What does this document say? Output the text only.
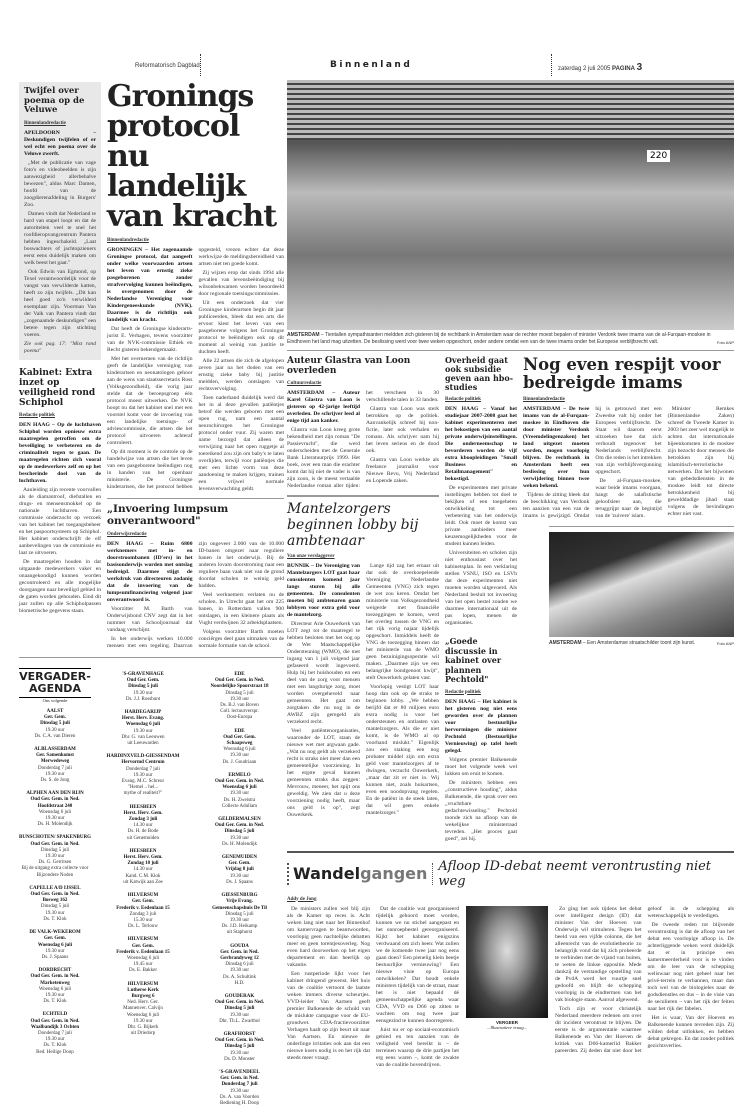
Reformatorisch Dagblad	Binnenland	zaterdag 2 juli 2005 PAGINA 3
Twijfel over poema op de Veluwe
Binnenlandredactie

APELDOORN – Deskundigen twijfelen of er wel echt een poema over de Veluwe zwerft.

„Met de publicatie van vage foto's en videobeelden is zijn aanwezigheid allerbehalve bewezen", aldus Marc Damen, hoofd van de zoogdierenafdeling in Burgers' Zoo.

Damen vindt dat Nederland te hard van stapel loopt en dat de autoriteiten veel te snel het roofdieropvangcentrum Pantera hebben ingeschakeld. „Laat boswachters of jachtopzieners eerst eens duidelijk maken om welk beest het gaat."

Ook Edwin van Egmond, op Texel verantwoordelijk voor de vangst van verwilderde katten, heeft zo zijn twijfels. „Dit kan heel goed zo'n verwilderd exemplaar zijn. Voorman Van der Valk van Pantera vindt dat „zogenaamde deskundigen" een betere tegen zijn stichting voeren.

Zie ook pag. 17: "Mist rond poema"
Kabinet: Extra inzet op veiligheid rond Schiphol
Redactie politiek

DEN HAAG – Op de luchthaven Schiphol worden opnieuw extra maatregelen getroffen om de beveiliging te verbeteren en de criminaliteit tegen te gaan. De maatregelen richten zich vooral op de medewerkers zelf en op het bescherinde doel van de luchthaven.

Aanleiding zijn recente voorvallen als de diamantroof, diefstallen en drugs- en mensensmokkel op de nationale luchthaven. Een commissie onderzocht op verzoek van het kabinet het toegangsbeheer en het paspoortsysteem op Schiphol. Het kabinet onderschrijft de elf aanbevelingen van de commissie en laat ze uitvoeren.

De maatregelen houden in dat uitgaande medewerkers vaker en onaangekondigd kunnen worden gecontroleerd en alle mogelijke doorgangen naar beveiligd gebied in de gaten worden gehouden. Eind dit jaar zullen op alle Schipholpassen biometrische gegevens staan.

Gronings protocol nu landelijk van kracht
Binnenlandredactie

GRONINGEN – Het zogenaamde Groningse protocol, dat aangeeft onder welke voorwaarden artsen het leven van ernstig zieke pasgeborenen zonder strafvervolging kunnen beëindigen, is overgenomen door de Nederlandse Vereniging voor Kindergeneeskunde (NVK). Daarmee is de richtlijn ook landelijk van kracht.

Dat heeft de Groningse kinderarts-jurist E. Verhagen, tevens voorzitter van de NVK-commissie Ethiek en Recht gisteren bekendgemaakt.

Met het overnemen van de richtlijn geeft de landelijke vereniging van kinderartsen en neonatologen gehoor aan de wens van staatssecretaris Ross (Volksgezondheid), die vorig jaar stelde dat de beroepsgroep één protocol moest uitwerken. De NVK hoopt nu dat het kabinet snel met een voorstel komt voor de invoering van een landelijke toetsings- of adviescommissie, die artsen die het protocol uitvoeren achteraf controleert.

Op dit moment is de controle op de handelwijze van artsen die het leven van een pasgeborene beëindigen nog in handen van het openbaar ministerie. De Groningse kinderartsen, die het protocol hebben opgesteld, vrezen echter dat deze werkwijze de meldingsbereidheid van artsen niet ten goede komt.

Zij wijzen erop dat sinds 1994 alle gevallen van levensbeëindiging bij wilsonbekwamen worden beoordeeld door regionale toetsingscommissies.

Uit een onderzoek dat vier Groningse kinderartsen begin dit jaar publiceerden, bleek dat een arts die ervoor kiest het leven van een pasgeborene volgens het Groningse protocol te beëindigen ook op dit moment al weinig van justitie te duchten heeft.

Alle 22 artsen die zich de afgelopen zeven jaar na het doden van een ernstig zieke baby bij justitie meldden, werden ontslagen van rechtsvervolging.

Toen naderhand duidelijk werd dat het in al deze gevallen patiëntjes betrof die werden geboren met een open rug, nam een aantal neurochirurgen het Groningse protocol onder vuur. Zij waren met name bezorgd dat alleen de verwijzing naar het open ruggetje al toereikend zou zijn om baby's te laten overlijden, terwijl voor patiëntjes die met een lichte vorm van deze aandoening te maken krijgen, trainen een vrijwel normale levensverwachting geldt.

„Invoering lumpsum onverantwoord"
Onderwijsredactie

DEN HAAG – Ruim 6800 werknemers met in- en doorstroombanen (ID'ers) in het basisonderwijs worden met ontslag bedreigd. Daarmee stijgt de werkdruk van directeuren zodanig dat de invoering van de lumpsumfinanciering volgend jaar onverantwoord is.

Voorzitter M. Barth van Onderwijsbond CNV zegt dat in het nummer van Schooljournaal dat vandaag verschijnt.

In het onderwijs werken 10.000 mensen met een regeling. Daarvan zijn ongeveer 2.000 van de 10.000 ID-banen omgezet naar reguliere banen in het onderwijs. Bij de anderen lovam doorstroming naar een reguliere baan vaak niet van de grond doordat scholen te weinig geld hadden.

Veel werknemers verlaten nu de scholen. In Utrecht gaat het om 225 banen, in Rotterdam vallen 900 ontslagen, in een kleinere plaats als Vught verdwijnen 32 arbeidsplaatsen.

Volgens voorzitter Barth moeten conciërges deel gaan uitmaken van de normale formatie van de school.

VERGADER-AGENDA
Ons volgende
AALST
Ger. Gem.
Dinsdag 5 juli
19.30 uur
Ds. C.A. van Dieren
ALBLASSERDAM
Ger. Samenkomst
Merwedeweg
Donderdag 7 juli
19.30 uur
Ds. S. de Jong
ALPHEN AAN DEN RIJN
Oud Ger. Gem. in Ned.
Hoofdstraat 240
Woensdag 6 juli
19.30 uur
Ds. H. Molendijk
BUNSCHOTEN/ SPAKENBURG
Oud Ger. Gem. in Ned.
Dinsdag 5 juli
19.30 uur
Ds. G. Gerritsen
Bij de uitgang extra collecte voor
Bijzondere Noden
CAPELLE A/D IJSSEL
Oud Ger. Gem. in Ned.
Bosweg 162
Dinsdag 5 juli
19.30 uur
Ds. T. Klok
DE VALK-WEKEROM
Ger. Gem.
Woensdag 6 juli
19.30 uur
Ds. J. Spaans
DORDRECHT
Oud Ger. Gem. in Ned.
Marketenweg
Woensdag 6 juli
19.30 uur
Ds. T. Klok
ECHTELD
Oud Ger. Gem. in Ned.
Waalbandijk 3 Ochten
Donderdag 7 juli
19.30 uur
Ds. T. Klok
Bed. Heilige Doop
'S-GRAVENHAGE
Oud Ger. Gem.
Dinsdag 5 juli
19.30 uur
Ds. J.J. Rossbunt
HARDEGARIJP
Herst. Herv. Evang.
Woensdag 6 juli
19.30 uur
Dhr. G. van Leeuwen
uit Leeuwarden
HARDINXVELD-GIESSENDAM
Hervormd Centrum
Donderdag 7 juli
19.30 uur
Evang. M.C. Schreur
"Hemel .. hel...
mythe of realiteit?"
HEESBEEN
Herst. Herv. Gem.
Zondag 3 juli
14.30 uur
Ds. H. de Bode
uit Genemuiden
HEESBEEN
Herst. Herv. Gem.
Zondag 10 juli
14.30 uur
Kand. C.M. Klok
uit Katwijk aan Zee
HILVERSUM
Ger. Gem.
Frederik v. Eedenlaan 15
Zondag 3 juli
15.30 uur
Ds. L. Terlouw
HILVERSUM
Ger. Gem.
Frederik v. Eedenlaan 15
Woensdag 6 juli
19.45 uur
Ds. E. Bakker
HILVERSUM
Lutherse Kerk
Burgweg 6
Ned. Herv. Ger.
Mannenver. Calvijn
Woensdag 6 juli
19.30 uur
Dhr. G. Bijkerk
uit Driedorp
EDE
Oud Ger. Gem. in Ned.
Noordelijke Spoorstraat 18
Dinsdag 5 juli
19.30 uur
Ds. B.J. van Boven
Coll. lectuurverspr.
Oost-Europa
EDE
Oud Ger. Gem.
Schaapsweg
Woensdag 6 juli
19.30 uur
Ds. J. Goudriaan
ERMELO
Oud Ger. Gem. in Ned.
Woensdag 6 juli
19.30 uur
Ds. H. Zweistra
Collecte Adullam
GELDERMALSEN
Oud Ger. Gem. in Ned.
Dinsdag 5 juli
19.30 uur
Ds. H. Molendijk
GENEMUIDEN
Ger. Gem.
Vrijdag 8 juli
19.30 uur
Ds. J. Spaans
GIESSENBURG
Vrije Evang.
Gemeenschapshuis De Til
Dinsdag 5 juli
19.30 uur
Ds. J.D. Heikamp
uit Staphorst
GOUDA
Ger. Gem. in Ned.
Gerbrandyweg 12
Dinsdag 6 juli
19.30 uur
Ds. A. Schultink
H.D.
GOUDERAK
Oud Ger. Gem. in Ned.
Dinsdag 5 juli
19.30 uur
Dhr. Th.L. Zwartbol
GRAFHORST
Oud Ger. Gem. in Ned.
Dinsdag 5 juli
19.30 uur
Ds. D. Monster
'S-GRAVENDEEL
Ger. Gem. in Ned.
Donderdag 7 juli
19.30 uur
Ds. A. van Voorden
Bediening H. Doop
220
AMSTERDAM – Tientallen sympathisanten meldden zich gisteren bij de rechtbank in Amsterdam waar de rechter moest bepalen of minister Verdonk twee imams van de al-Furqaan-moskee in Eindhoven het land mag uitzetten. De beslissing werd voor twee weken opgeschort, onder andere omdat een van de twee imams onder het Europese verblijfsrecht valt.	Foto ANP
Auteur Glastra van Loon overleden
Cultuurredactie

AMSTERDAM – Auteur Karel Glastra van Loon is gisteren op 42-jarige leeftijd overleden. De schrijver leed al enige tijd aan kanker.

Glastra van Loon kreeg grote bekendheid met zijn roman "De Passievrucht", die werd onderscheiden met de Generale Bank Literatuurprijs 1999. Het boek, over een man die erachter komt dat hij niet de vader is van zijn zoon, is de meest vertaalde Nederlandse roman aller tijden: het verscheen in 30 verschillende talen in 33 landen.

Glastra van Loon was sterk betrokken op de politiek. Aanvankelijk schreef hij non-fictie, later ook verhalen en romans. Als schrijver nam hij het leven serieus en de dood ook.

Glastra van Loon werkte als freelance journalist voor Nieuwe Revu, Vrij Nederland en Lopende zaken.

Mantelzorgers beginnen lobby bij ambtenaar
Van onze verslaggever

BUNNIK – De Vereniging van Mantelzorgers LOT gaat haar consulenten komend jaar langs sturen bij alle gemeenten. De consulenten moeten bij ambtenaren gaan lobbyen voor extra geld voor de mantelzorg.

Directeur Arie Ouwerkerk van LOT zegt tot de maatregel te hebben besloten met het oog op de Wet Maatschappelijke Ondersteuning (WMO), die met ingang van 1 juli volgend jaar gefaseerd wordt ingevoerd. Hulp bij het huishouden en een deel van de zorg voor mensen met een langdurige zorg, moet worden overgeheveld naar gemeenten. Het gaat om zorgtaken die nu nog in de AWBZ zijn geregeld als verzekerd recht.

Veel patiëntenorganisaties, waaronder de LOT, staan de nieuwe wet met argwaan gade. „Wat nu nog geldt als verzekerd recht is straks niet meer dan een gemeentelijke voorziening. In het ergste geval kunnen gemeenten straks dus zeggen: Mevrouw, meneer, het spijt ons geweldig. We zien dat u deze voorziening nodig heeft, maar ons geld is op", zegt Ouwerkerk.

Lange tijd zag het ernaar uit dat ook de overkoepelende Vereniging Nederlandse Gemeenten (VNG) zich tegen de wet zou keren. Omdat het ministerie van Volksgezondheid weigerde met financiële toezeggingen te komen, werd het overleg tussen de VNG en het rijk vorig najaar tijdelijk opgeschort. Inmiddels heeft de VNG de toezegging binnen dat het ministerie van de WMO geen bezuinigingsoperatie wil maken. „Daarmee zijn we een belangrijke bondgenoot kwijt", stelt Ouwerkerk gelaten vast.

Voorlopig vestigt LOT haar hoop dan ook op de straks te beginnen lobby. „We hebben berijfd dat er 80 miljoen euro extra nodig is voor het ondersteunen en ontlasten van mantelzorgers. Als die er niet komt, is de WMO al op voorhand mislukt." Eigenlijk zou een staking een nog probater middel zijn om extra geld voor mantelzorgers af te dwingen, verzucht Ouwerkerk, „maar dat zit er niet in. Wij kunnen niet, zoals huisartsen, even een noodopvang regelen. En de patiënt in de steek laten, dat wil geen enkele mantelzorger."

Overheid gaat ook subsidie geven aan hbo-studies
Redactie politiek

DEN HAAG – Vanaf het studiejaar 2007-2008 gaat het kabinet experimenteren met het bekostigen van een aantal private onderwijsinstellingen. Die onderneemschap te bevorderen worden de vijf extra kboopleidingen "Small Business en Retailmanagement" bekostigd.

De experimenten met private instellingen hebben tot doel te bekijken of een toegeheten ontwikkeling tot een verbetering van het onderwijs leidt. Ook moet de komst van private aanbieders meer keuzemogelijkheden voor de student kunnen leiden.

Universiteiten en scholen zijn niet enthousiast over het kabinetsplan. In een verklaring stellen VSNU, ISO en LSVb dat deze experimenten niet moeten worden uitgevoerd. Als Nederland besluit tot invoering van het open bestel zouden we daarmee internationaal uit de pas lopen, menen de organisaties.

„Goede discussie in kabinet over plannen Pechtold"
Redactie politiek

DEN HAAG – Het kabinet is het gisteren nog niet eens geworden over de plannen voor bestuurlijke hervormingen die minister Pechtold (Bestuurlijke Vernieuwing) op tafel heeft gelegd.

Volgens premier Balkenende moet het volgende week wel lukken om eruit te komen.

De ministers hebben een „constructieve houding", aldus Balkenende, die sprak over een „vruchtbare gedachtewisseling." Pechtold toonde zich na afloop van de wekelijkse ministerraad tevreden. „Het proces gaat goed", zei hij.

Nog even respijt voor bedreigde imams
Binnenlandredactie

AMSTERDAM – De twee imams van de al-Furqaan-moskee in Eindhoven die door minister Verdonk (Vreemdelingenzaken) het land uitgezet moeten worden, mogen voorlopig blijven. De rechtbank in Amsterdam heeft een beslissing over hun verwijdering binnen twee weken bekend.

Tijdens de zitting bleek dat de beschikking van Verdonk ten aanzien van een van de imams is gewijzigd. Omdat hij is getrouwd met een Zweedse valt hij onder het Europees verblijfsrecht. De Staat wil daarom eerst uitzoeken hoe dat zich verhoudt tegenover het Nederlands verblijfsrecht. Om die reden is het intrekken van zijn verblijfsvergunning opgeschort.

De al-Furqaan-moskee, waar beide imams voorgaan, hangt de salafistische geloofsleer aan, die teruggrijpt naar de begintijd van de 'zuivere' islam.

Minister Remkes (Binnenlandse Zaken) schreef de Tweede Kamer in 2003 het zeer wel mogelijk te achten dat internationale bijeenkomsten in de moskee zijn bezocht door mensen die betrokken zijn bij islamitisch-terroristische netwerken. Dat het bijwonen van gebedsdiensten in de moskee leidt tot directe betrokkenheid bij gewelddadige jihad staat volgens de bevindingen echter niet vast.

AMSTERDAM – Een Amsterdamse straatschilder toont zijn kunst.	Foto ANP
Wandelgangen Afloop ID-debat neemt verontrusting niet weg
Addy de Jong

De ministers zullen wel blij zijn als de Kamer op reces is. Acht weken lang niet naar het Binnenhof om kamervragen te beantwoorden, voorlopig geen nachtelijke debatten meer en geen torentjesoverleg. Nog even hard doorwerken op het eigen departement en dan heerlijk op vakantie.

Een rustperiode lijkt voor het kabinet dringend gewenst. Het huis van de coalitie vertoont de laatste weken immers diverse scheurtjes. VVD-leider Van Aartsen geeft premier Balkenende de schuld van de mislukte campagne voor de EU-grondwet. CDA-fractievoorzitter Verhagen haalt op zijn beurt uit naar Van Aartsen. En nieuwe de onderlinge irritaties ook aan dat een nieuwe koers nodig is en het rijk dat steeds meer vraagt.

Dat de coalitie wat georganiseerd tijdelijk gehoord moet worden, kunnen we nu stichel aangepast en het onnroepbestel gereorganiseerd. Kijkt het kabinet enigszins verdwaand om zich heen: Wat zullen we de komende twee jaar nog eens gaan doen? Een pienelig klein beetje bestuurlijke vernieuwing? Een nieuwe visie op Europa ontwikkelen? Dat houdt enkele ministers tijdelijk van de straat, maar het is niet bepaald dé gemeenschappelijke agenda waar CDA, VVD en D66 op zitten te wachten om nog twee jaar eensgezind te kunnen doorregeren.

Juist nu er op sociaal-economisch gebied en ten aanzien van de veiligheid veel bereikt is – de terreinen waarop de drie partijen het erg eens waren –, komt de zwakte van de coalitie bovendrijven.

VERGEER
...Illustratieve vraag...

Zo ging het ook tijdens het debat over intelligent design (ID) dat minister Van der Hoeven van Onderwijs wil stimuleren. Tegen het beeld van een vijfde colonne, die het alleenrecht van de evolutietheorie zo belangrijk vond dat hij zich probeerde te verbinden met de vijand van buiten, te weten de linkse oppositie. Mede dankzij de verstandige opstelling van de PvdA werd het vuurtje snel gedoofd en blijft de schepping voorlopig in de eindtermen van het vak biologie staan. Aanval afgewend.

Toch zijn er voor christelijk Nederland meerdere redenen om over dit incident verontrust te blijven. De eerste is de argumentatie waarmee Balkenende en Van der Hoeven de kritiek van D66-kamerlid Bakker pareerden. Zij deden dat niet door het geloof in de schepping als wetenschappelijk te verdedigen.

De tweede reden tot blijvende verontrusting is dat de afloop van het debat een voorlopige afloop is. De achterliggende weken werd duidelijk dat er in principe een kamermeerderheid voor is te vinden om de leer van de schepping weliswaar nog niet geheel naar het privé-terrein te verbannen, maar dan toch wel van de biologieles naar de godsdienstles en dus – in de visie van de seculieren – van het rijk der feiten naar het rijk der fabelen.

Het is waar, Van der Hoeven en Balkenende kunnen tevreden zijn. Zij wilden debat uitlokken, en hebben debat gekregen. En dat zonder politiek gezichtsverlies.
